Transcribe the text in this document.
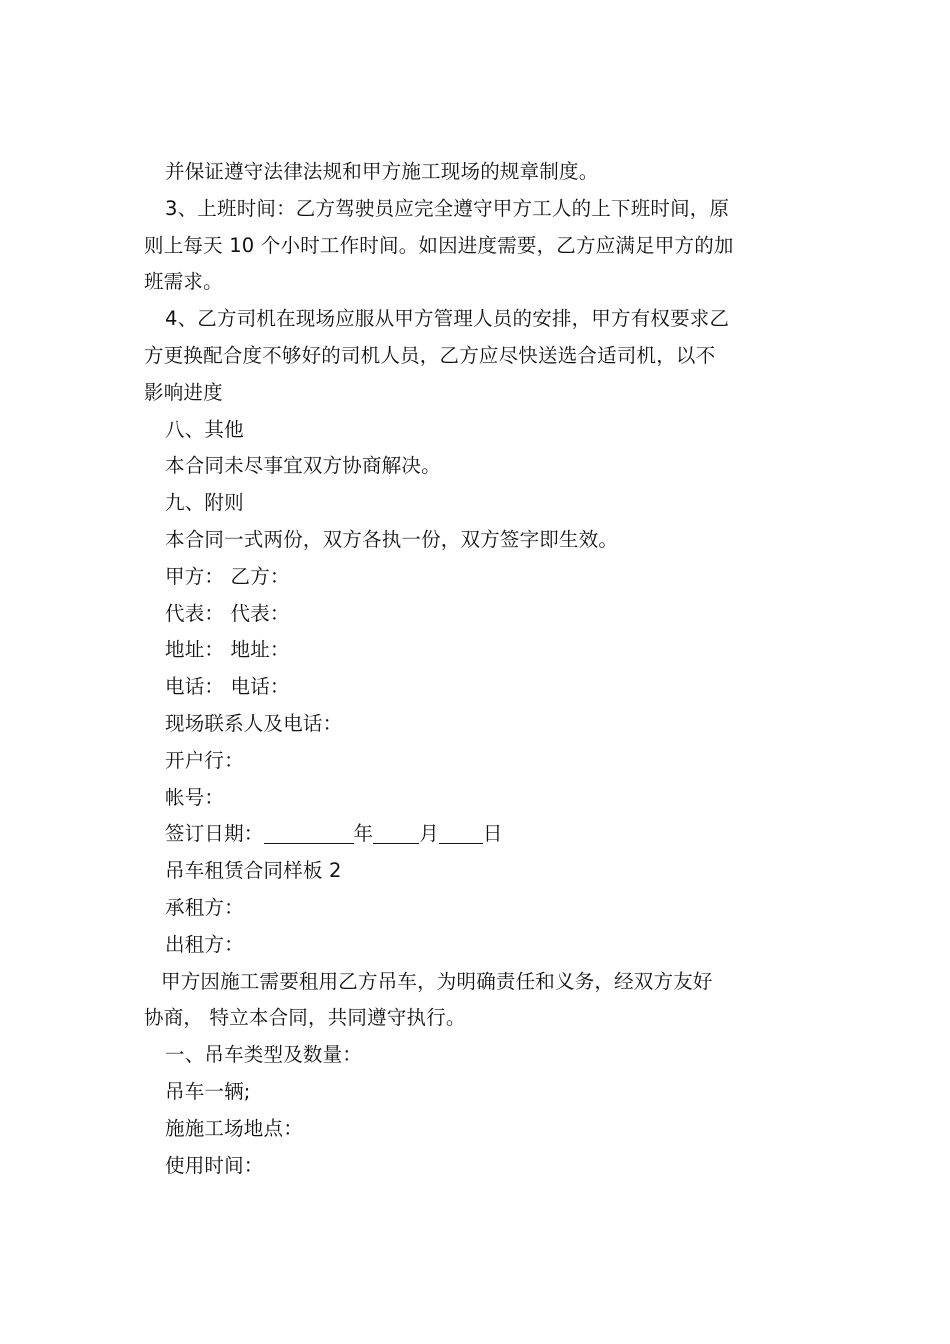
并保证遵守法律法规和甲方施工现场的规章制度。
3、上班时间：乙方驾驶员应完全遵守甲方工人的上下班时间，原
则上每天 10 个小时工作时间。如因进度需要，乙方应满足甲方的加
班需求。
4、乙方司机在现场应服从甲方管理人员的安排，甲方有权要求乙
方更换配合度不够好的司机人员，乙方应尽快送选合适司机，以不
影响进度
八、其他
本合同未尽事宜双方协商解决。
九、附则
本合同一式两份，双方各执一份，双方签字即生效。
甲方： 乙方：
代表： 代表：
地址： 地址：
电话： 电话：
现场联系人及电话：
开户行：
帐号：
签订日期：	年 月 日
吊车租赁合同样板 2
承租方：
出租方：
甲方因施工需要租用乙方吊车，为明确责任和义务，经双方友好
协商， 特立本合同，共同遵守执行。
一、吊车类型及数量：
吊车一辆;
施施工场地点：
使用时间：
